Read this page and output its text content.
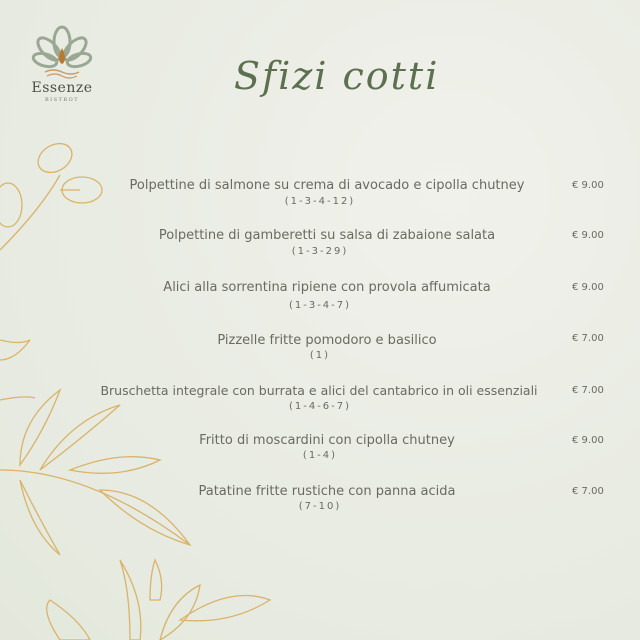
Essenze
BISTROT
Sfizi cotti
Polpettine di salmone su crema di avocado e cipolla chutney
(1-3-4-12)
€ 9.00
Polpettine di gamberetti su salsa di zabaione salata
(1-3-29)
€ 9.00
Alici alla sorrentina ripiene con provola affumicata
(1-3-4-7)
€ 9.00
Pizzelle fritte pomodoro e basilico
(1)
€ 7.00
Bruschetta integrale con burrata e alici del cantabrico in oli essenziali
(1-4-6-7)
€ 7.00
Fritto di moscardini con cipolla chutney
(1-4)
€ 9.00
Patatine fritte rustiche con panna acida
(7-10)
€ 7.00
